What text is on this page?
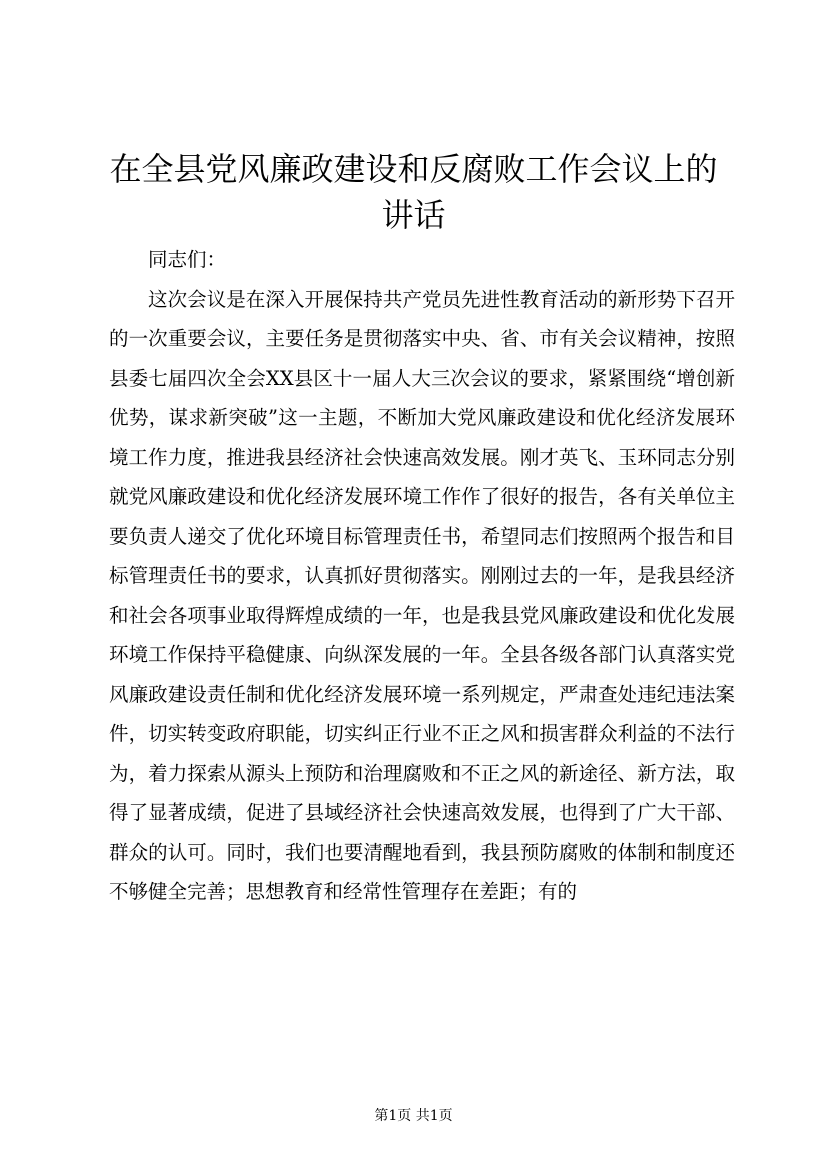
在全县党风廉政建设和反腐败工作会议上的讲话

同志们：

这次会议是在深入开展保持共产党员先进性教育活动的新形势下召开的一次重要会议，主要任务是贯彻落实中央、省、市有关会议精神，按照县委七届四次全会XX县区十一届人大三次会议的要求，紧紧围绕“增创新优势，谋求新突破”这一主题，不断加大党风廉政建设和优化经济发展环境工作力度，推进我县经济社会快速高效发展。刚才英飞、玉环同志分别就党风廉政建设和优化经济发展环境工作作了很好的报告，各有关单位主要负责人递交了优化环境目标管理责任书，希望同志们按照两个报告和目标管理责任书的要求，认真抓好贯彻落实。刚刚过去的一年，是我县经济和社会各项事业取得辉煌成绩的一年，也是我县党风廉政建设和优化发展环境工作保持平稳健康、向纵深发展的一年。全县各级各部门认真落实党风廉政建设责任制和优化经济发展环境一系列规定，严肃查处违纪违法案件，切实转变政府职能，切实纠正行业不正之风和损害群众利益的不法行为，着力探索从源头上预防和治理腐败和不正之风的新途径、新方法，取得了显著成绩，促进了县域经济社会快速高效发展，也得到了广大干部、群众的认可。同时，我们也要清醒地看到，我县预防腐败的体制和制度还不够健全完善；思想教育和经常性管理存在差距；有的

第1页 共1页
